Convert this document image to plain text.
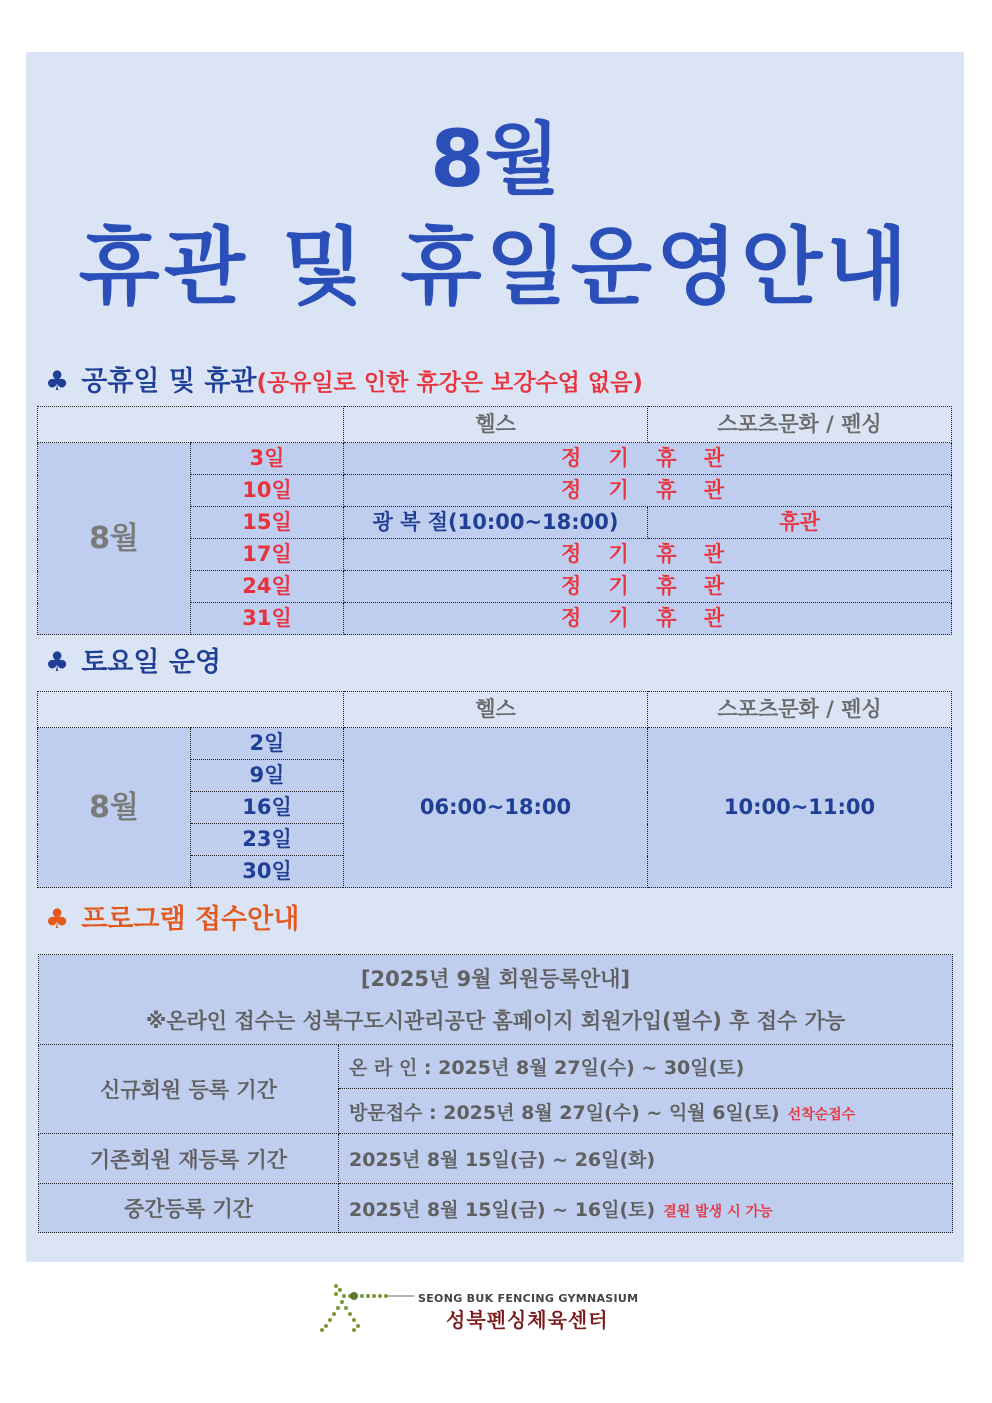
8월
휴관 및 휴일운영안내
♣ 공휴일 및 휴관(공유일로 인한 휴강은 보강수업 없음)
		헬스	스포츠문화 / 펜싱
8월	3일	정 기 휴 관	
	10일	정 기 휴 관	
	15일	광 복 절(10:00~18:00)	휴관
	17일	정 기 휴 관	
	24일	정 기 휴 관	
	31일	정 기 휴 관	
♣ 토요일 운영
		헬스	스포츠문화 / 펜싱
8월	2일	06:00~18:00	10:00~11:00
	9일		
	16일		
	23일		
	30일		
♣ 프로그램 접수안내
[2025년 9월 회원등록안내]
※온라인 접수는 성북구도시관리공단 홈페이지 회원가입(필수) 후 접수 가능	

신규회원 등록 기간	온 라 인 : 2025년 8월 27일(수) ~ 30일(토)
	방문접수 : 2025년 8월 27일(수) ~ 익월 6일(토) 선착순접수
기존회원 재등록 기간	2025년 8월 15일(금) ~ 26일(화)
중간등록 기간	2025년 8월 15일(금) ~ 16일(토) 결원 발생 시 가능
SEONG BUK FENCING GYMNASIUM
성북펜싱체육센터
